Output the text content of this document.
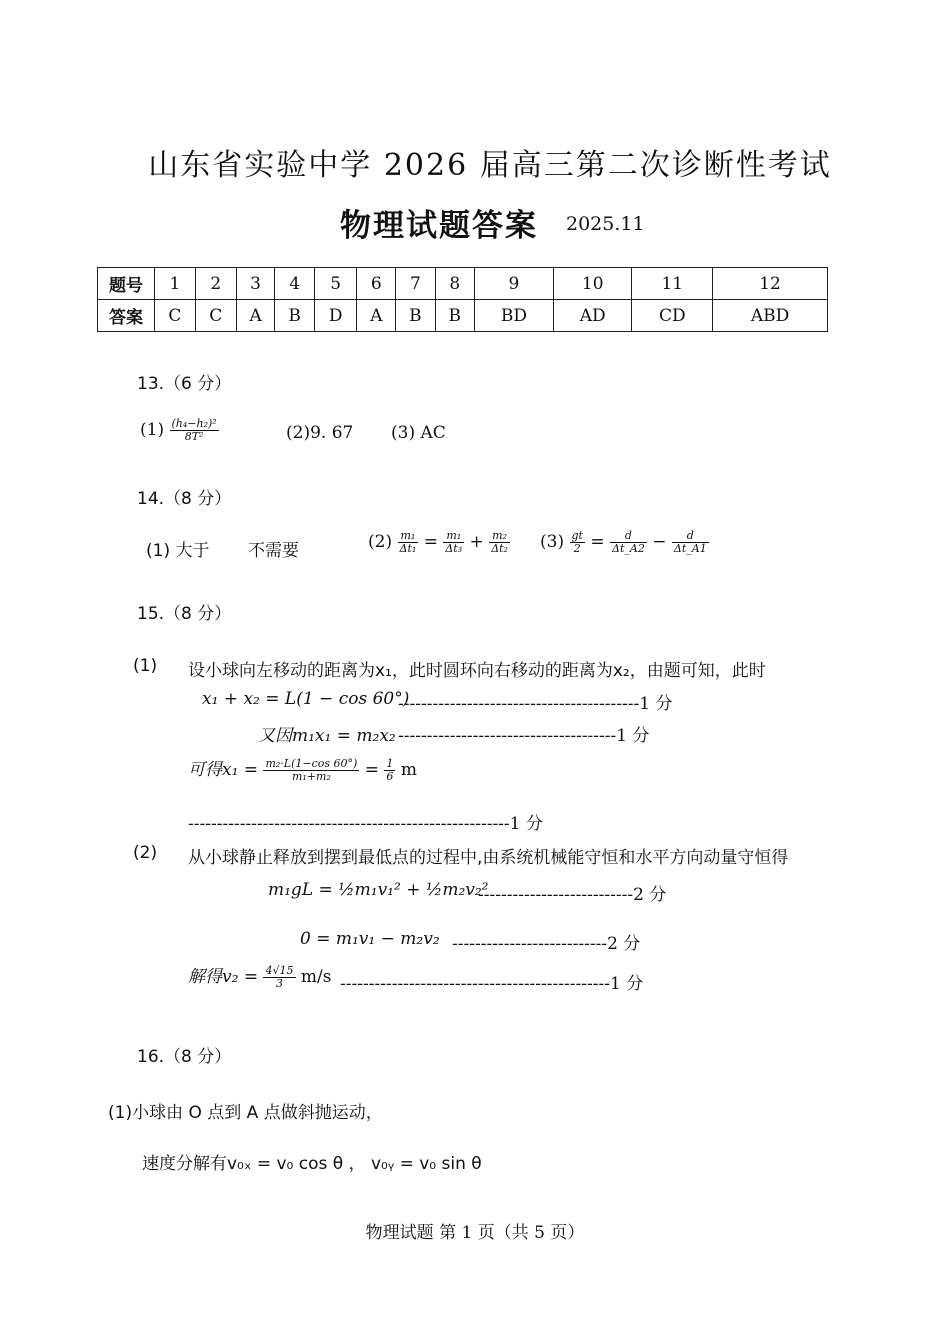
山东省实验中学 2026 届高三第二次诊断性考试
物理试题答案 2025.11
题号	1	2	3	4	5	6	7	8	9	10	11	12
答案	C	C	A	B	D	A	B	B	BD	AD	CD	ABD
13.（6 分）
$(1) \frac{\text{(h₄−h₂)²}}{\text{8T²}}$	(2)9. 67 (3) AC
14.（8 分）
(1) 大于 不需要	$(2) \frac{\text{m₁}}{\text{Δt₁}} = \frac{\text{m₁}}{\text{Δt₃}} + \frac{\text{m₂}}{\text{Δt₂}} (3) \frac{gt}{2} = \frac{d}{\Delta t\_A2} - \frac{d}{\Delta t\_A1}$
15.（8 分）
(1) 设小球向左移动的距离为x₁，此时圆环向右移动的距离为x₂，由题可知，此时
x₁ + x₂ = L(1 − cos 60°)
------------------------------------------1 分
又因m₁x₁ = m₂x₂ --------------------------------------1 分
可得$x_1 = \frac{\text{m₂·L(1−cos 60°)}}{\text{m₁+m₂}} = \frac{1}{6}$ m
--------------------------------------------------------1 分
(2) 从小球静止释放到摆到最低点的过程中,由系统机械能守恒和水平方向动量守恒得
m₁gL = ½m₁v₁² + ½m₂v₂²
---------------------------2 分
0 = m₁v₁ − m₂v₂ ---------------------------2 分
解得$v_2 = \frac{4√15}{3} m/s$ -----------------------------------------------1 分
16.（8 分）
(1)小球由 O 点到 A 点做斜抛运动，
速度分解有v₀ₓ = v₀ cos θ ， v₀ᵧ = v₀ sin θ
物理试题 第 1 页（共 5 页）
